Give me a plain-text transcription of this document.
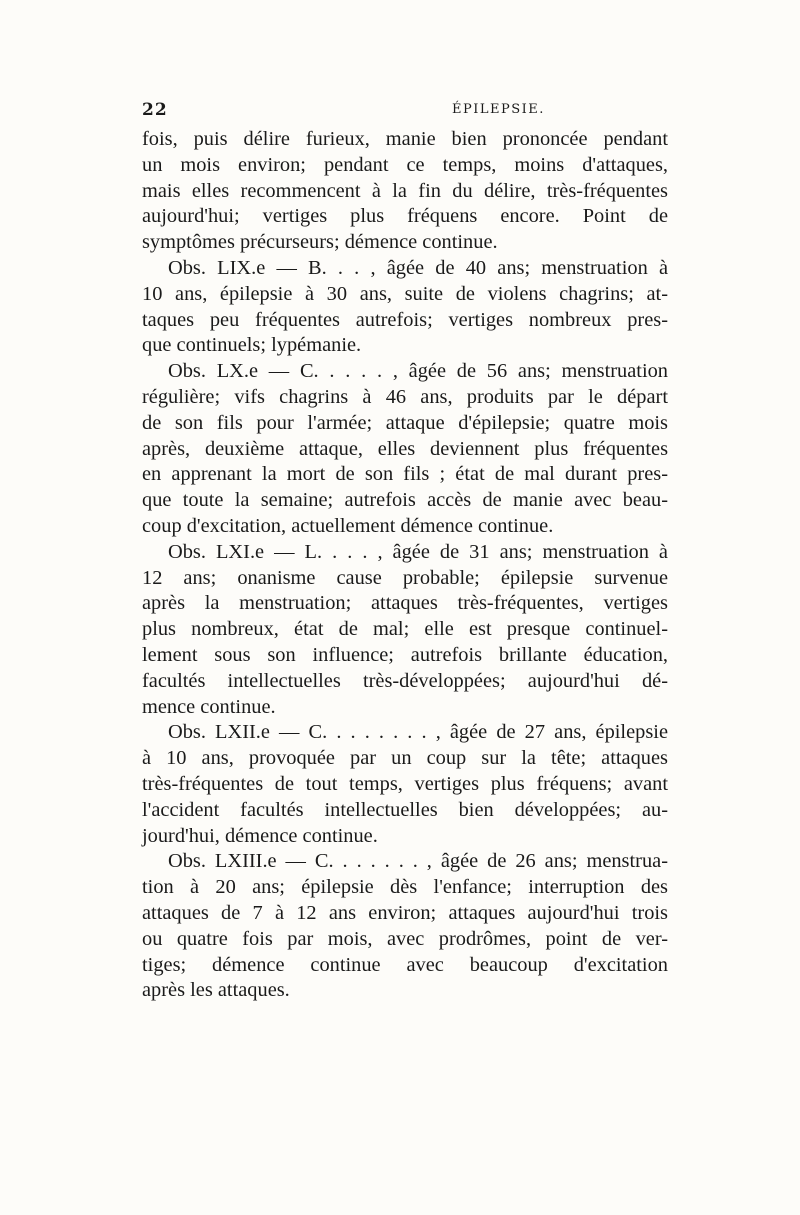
22	ÉPILEPSIE.
fois, puis délire furieux, manie bien prononcée pendant
un mois environ; pendant ce temps, moins d'attaques,
mais elles recommencent à la fin du délire, très-fréquentes
aujourd'hui; vertiges plus fréquens encore. Point de
symptômes précurseurs; démence continue.
Obs. LIX.e — B. . . , âgée de 40 ans; menstruation à
10 ans, épilepsie à 30 ans, suite de violens chagrins; at-
taques peu fréquentes autrefois; vertiges nombreux pres-
que continuels; lypémanie.
Obs. LX.e — C. . . . . , âgée de 56 ans; menstruation
régulière; vifs chagrins à 46 ans, produits par le départ
de son fils pour l'armée; attaque d'épilepsie; quatre mois
après, deuxième attaque, elles deviennent plus fréquentes
en apprenant la mort de son fils ; état de mal durant pres-
que toute la semaine; autrefois accès de manie avec beau-
coup d'excitation, actuellement démence continue.
Obs. LXI.e — L. . . . , âgée de 31 ans; menstruation à
12 ans; onanisme cause probable; épilepsie survenue
après la menstruation; attaques très-fréquentes, vertiges
plus nombreux, état de mal; elle est presque continuel-
lement sous son influence; autrefois brillante éducation,
facultés intellectuelles très-développées; aujourd'hui dé-
mence continue.
Obs. LXII.e — C. . . . . . . . , âgée de 27 ans, épilepsie
à 10 ans, provoquée par un coup sur la tête; attaques
très-fréquentes de tout temps, vertiges plus fréquens; avant
l'accident facultés intellectuelles bien développées; au-
jourd'hui, démence continue.
Obs. LXIII.e — C. . . . . . . , âgée de 26 ans; menstrua-
tion à 20 ans; épilepsie dès l'enfance; interruption des
attaques de 7 à 12 ans environ; attaques aujourd'hui trois
ou quatre fois par mois, avec prodrômes, point de ver-
tiges; démence continue avec beaucoup d'excitation
après les attaques.
